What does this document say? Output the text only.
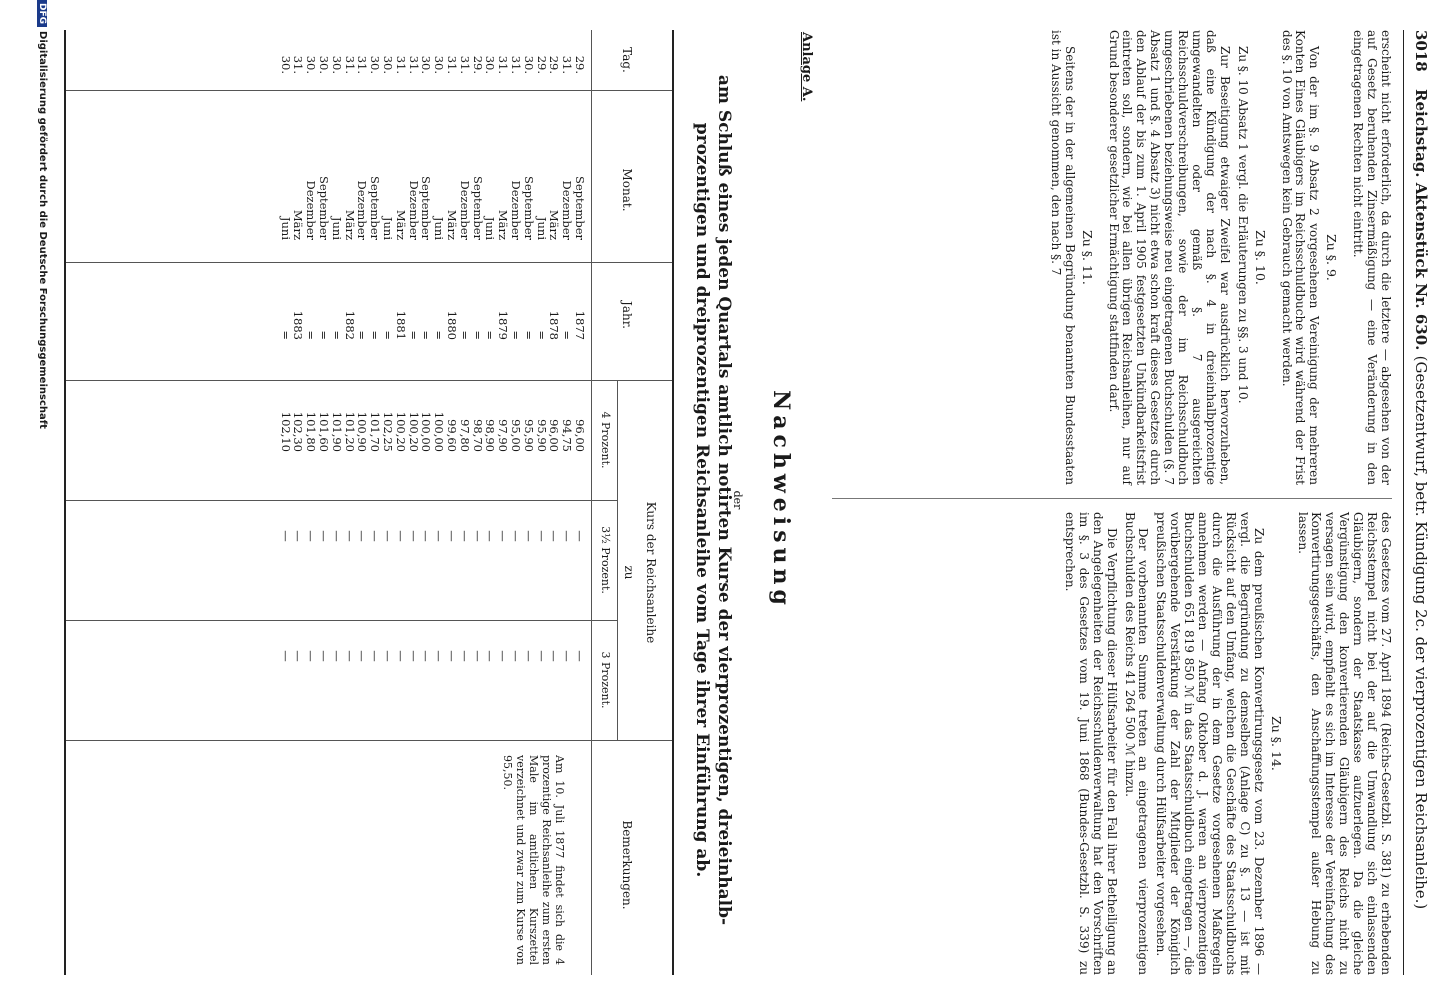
3018 Reichstag. Aktenstück Nr. 630. (Gesetzentwurf, betr. Kündigung 2c. der vierprozentigen Reichsanleihe.)

erscheint nicht erforderlich, da durch die letztere — abgesehen von der auf Gesetz beruhenden Zinsermäßigung — eine Veränderung in den eingetragenen Rechten nicht eintritt.

Zu §. 9.

Von der im §. 9 Absatz 2 vorgesehenen Vereinigung der mehreren Konten Eines Gläubigers im Reichsschuldbuche wird während der Frist des §. 10 von Amtswegen kein Gebrauch gemacht werden.

Zu §. 10.

Zu §. 10 Absatz 1 vergl. die Erläuterungen zu §§. 3 und 10.

Zur Beseitigung etwaiger Zweifel war ausdrücklich hervorzuheben, daß eine Kündigung der nach §. 4 in dreieinhalbprozentige umgewandelten oder gemäß §. 7 ausgereichten Reichsschuldverschreibungen, sowie der im Reichsschuldbuch umgeschriebenen beziehungsweise neu eingetragenen Buchschulden (§. 7 Absatz 1 und §. 4 Absatz 3) nicht etwa schon kraft dieses Gesetzes durch den Ablauf der bis zum 1. April 1905 festgesetzten Unkündbarkeitsfrist eintreten soll, sondern, wie bei allen übrigen Reichsanleihen, nur auf Grund besonderer gesetzlicher Ermächtigung stattfinden darf.

Zu §. 11.

Seitens der in der allgemeinen Begründung benannten Bundesstaaten ist in Aussicht genommen, den nach §. 7

des Gesetzes vom 27. April 1894 (Reichs-Gesetzbl. S. 381) zu erhebenden Reichsstempel nicht bei der auf die Umwandlung sich einlassenden Gläubigern, sondern der Staatskasse aufzuerlegen. Da die gleiche Vergünstigung den konvertierenden Gläubigern des Reichs nicht zu versagen sein wird, empfiehlt es sich im Interesse der Vereinfachung des Konvertirungsgeschäfts, den Anschaffungsstempel außer Hebung zu lassen.

Zu §. 14.

Zu dem preußischen Konvertirungsgesetz vom 23. Dezember 1896 — vergl. die Begründung zu demselben (Anlage C) zu §. 13 — ist mit Rücksicht auf den Umfang, welchen die Geschäfte des Staatsschuldbuchs durch die Ausführung der in dem Gesetze vorgesehenen Maßregeln annehmen werden — Anfang Oktober d. J. waren an vierprozentigen Buchschulden 651 819 850 ℳ in das Staatsschuldbuch eingetragen —, die vorübergehende Verstärkung der Zahl der Mitglieder der Königlich preußischen Staatsschuldenverwaltung durch Hülfsarbeiter vorgesehen.

Der vorbenannten Summe treten an eingetragenen vierprozentigen Buchschulden des Reichs 41 264 500 ℳ hinzu.

Die Verpflichtung dieser Hülfsarbeiter für den Fall ihrer Betheiligung an den Angelegenheiten der Reichsschuldenverwaltung hat den Vorschriften im §. 3 des Gesetzes vom 19. Juni 1868 (Bundes-Gesetzbl. S. 339) zu entsprechen.

Anlage A.
Nachweisung
der
am Schluß eines jeden Quartals amtlich notirten Kurse der vierprozentigen, dreieinhalb-
prozentigen und dreiprozentigen Reichsanleihe vom Tage ihrer Einführung ab.
Tag.
Monat.
Jahr.
Kurs der Reichsanleihe
zu
4 Prozent.
3½ Prozent.
3 Prozent.
Bemerkungen.
29.
September
1877
96,00
—
—
31.
Dezember
=
94,75
—
—
29.
März
1878
96,00
—
—
29.
Juni
=
95,90
—
—
30.
September
=
95,90
—
—
31.
Dezember
=
95,00
—
—
31.
März
1879
97,90
—
—
30.
Juni
=
98,90
—
—
29.
September
=
98,70
—
—
31.
Dezember
=
97,80
—
—
31.
März
1880
99,60
—
—
30.
Juni
=
100,00
—
—
30.
September
=
100,00
—
—
31.
Dezember
=
100,20
—
—
31.
März
1881
100,20
—
—
30.
Juni
=
102,25
—
—
30.
September
=
101,70
—
—
31.
Dezember
=
100,90
—
—
31.
März
1882
101,20
—
—
30.
Juni
=
101,90
—
—
30.
September
=
101,60
—
—
30.
Dezember
=
101,80
—
—
31.
März
1883
102,30
—
—
30.
Juni
=
102,10
—
—
Am 10. Juli 1877 findet sich die 4 prozentige Reichsanleihe zum ersten Male im amtlichen Kurszettel verzeichnet und zwar zum Kurse von 95,50.
DFGDigitalisierung gefördert durch die Deutsche Forschungsgemeinschaft
